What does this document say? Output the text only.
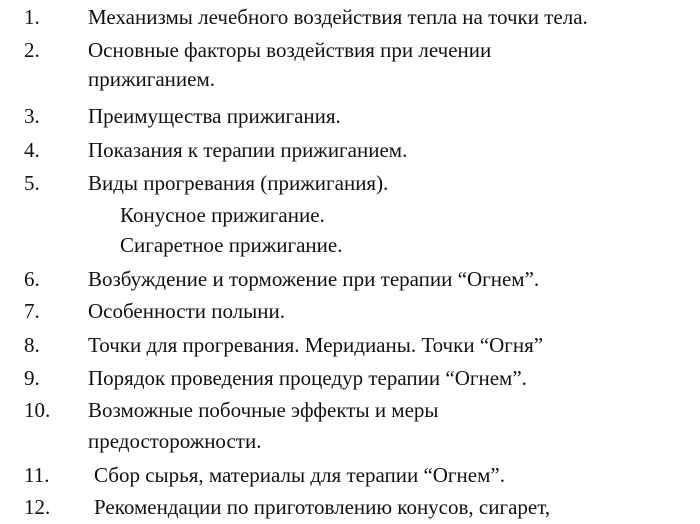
1. Механизмы лечебного воздействия тепла на точки тела.
2. Основные факторы воздействия при лечении
прижиганием.
3. Преимущества прижигания.
4. Показания к терапии прижиганием.
5. Виды прогревания (прижигания).
Конусное прижигание.
Сигаретное прижигание.
6. Возбуждение и торможение при терапии “Огнем”.
7. Особенности полыни.
8. Точки для прогревания. Меридианы. Точки “Огня”
9. Порядок проведения процедур терапии “Огнем”.
10. Возможные побочные эффекты и меры
предосторожности.
11. Сбор сырья, материалы для терапии “Огнем”.
12. Рекомендации по приготовлению конусов, сигарет,
